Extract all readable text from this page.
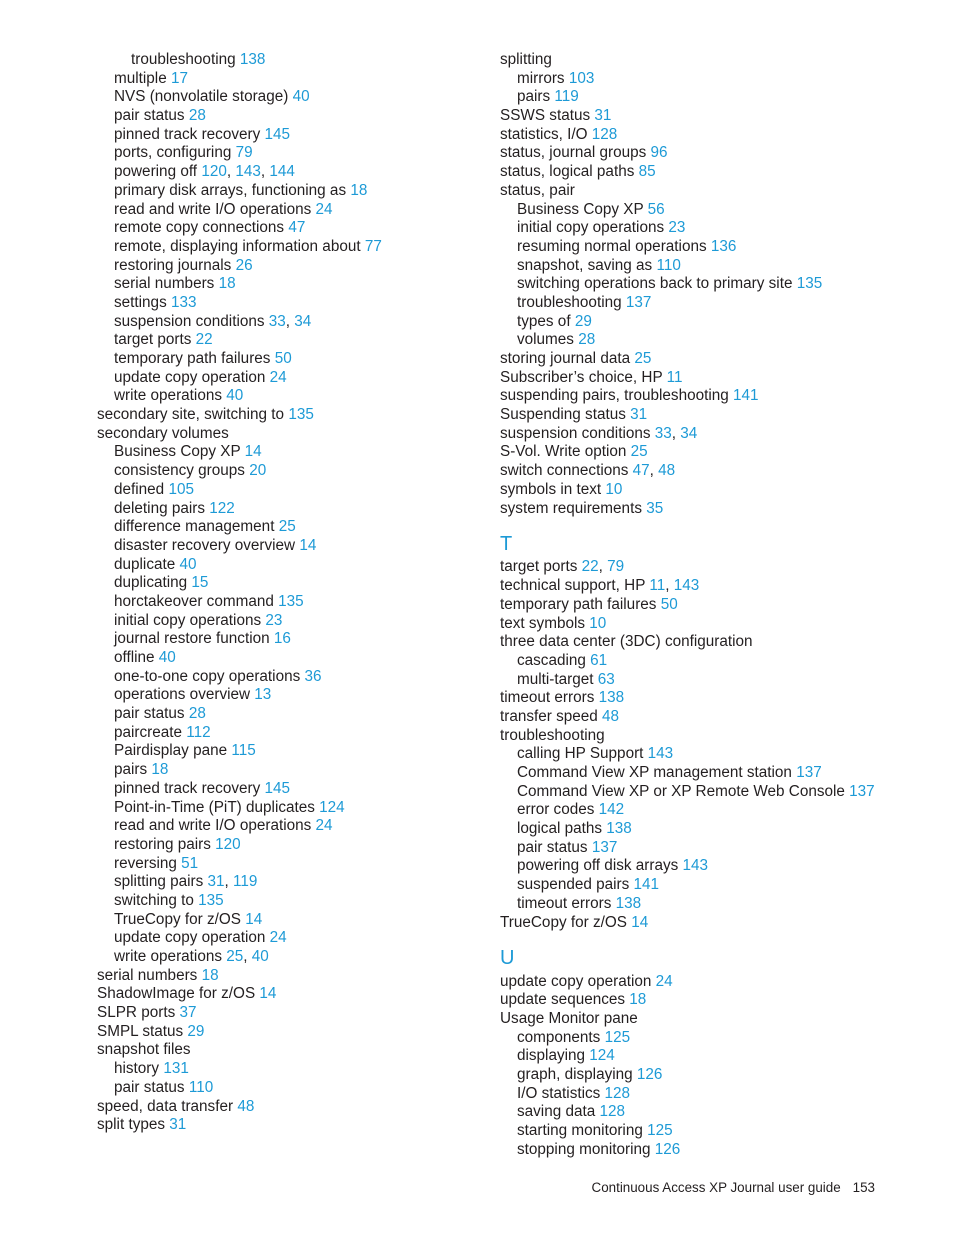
troubleshooting 138
multiple 17
NVS (nonvolatile storage) 40
pair status 28
pinned track recovery 145
ports, configuring 79
powering off 120, 143, 144
primary disk arrays, functioning as 18
read and write I/O operations 24
remote copy connections 47
remote, displaying information about 77
restoring journals 26
serial numbers 18
settings 133
suspension conditions 33, 34
target ports 22
temporary path failures 50
update copy operation 24
write operations 40
secondary site, switching to 135
secondary volumes
Business Copy XP 14
consistency groups 20
defined 105
deleting pairs 122
difference management 25
disaster recovery overview 14
duplicate 40
duplicating 15
horctakeover command 135
initial copy operations 23
journal restore function 16
offline 40
one-to-one copy operations 36
operations overview 13
pair status 28
paircreate 112
Pairdisplay pane 115
pairs 18
pinned track recovery 145
Point-in-Time (PiT) duplicates 124
read and write I/O operations 24
restoring pairs 120
reversing 51
splitting pairs 31, 119
switching to 135
TrueCopy for z/OS 14
update copy operation 24
write operations 25, 40
serial numbers 18
ShadowImage for z/OS 14
SLPR ports 37
SMPL status 29
snapshot files
history 131
pair status 110
speed, data transfer 48
split types 31
splitting
mirrors 103
pairs 119
SSWS status 31
statistics, I/O 128
status, journal groups 96
status, logical paths 85
status, pair
Business Copy XP 56
initial copy operations 23
resuming normal operations 136
snapshot, saving as 110
switching operations back to primary site 135
troubleshooting 137
types of 29
volumes 28
storing journal data 25
Subscriber’s choice, HP 11
suspending pairs, troubleshooting 141
Suspending status 31
suspension conditions 33, 34
S-Vol. Write option 25
switch connections 47, 48
symbols in text 10
system requirements 35
T
target ports 22, 79
technical support, HP 11, 143
temporary path failures 50
text symbols 10
three data center (3DC) configuration
cascading 61
multi-target 63
timeout errors 138
transfer speed 48
troubleshooting
calling HP Support 143
Command View XP management station 137
Command View XP or XP Remote Web Console 137
error codes 142
logical paths 138
pair status 137
powering off disk arrays 143
suspended pairs 141
timeout errors 138
TrueCopy for z/OS 14
U
update copy operation 24
update sequences 18
Usage Monitor pane
components 125
displaying 124
graph, displaying 126
I/O statistics 128
saving data 128
starting monitoring 125
stopping monitoring 126
Continuous Access XP Journal user guide 153
